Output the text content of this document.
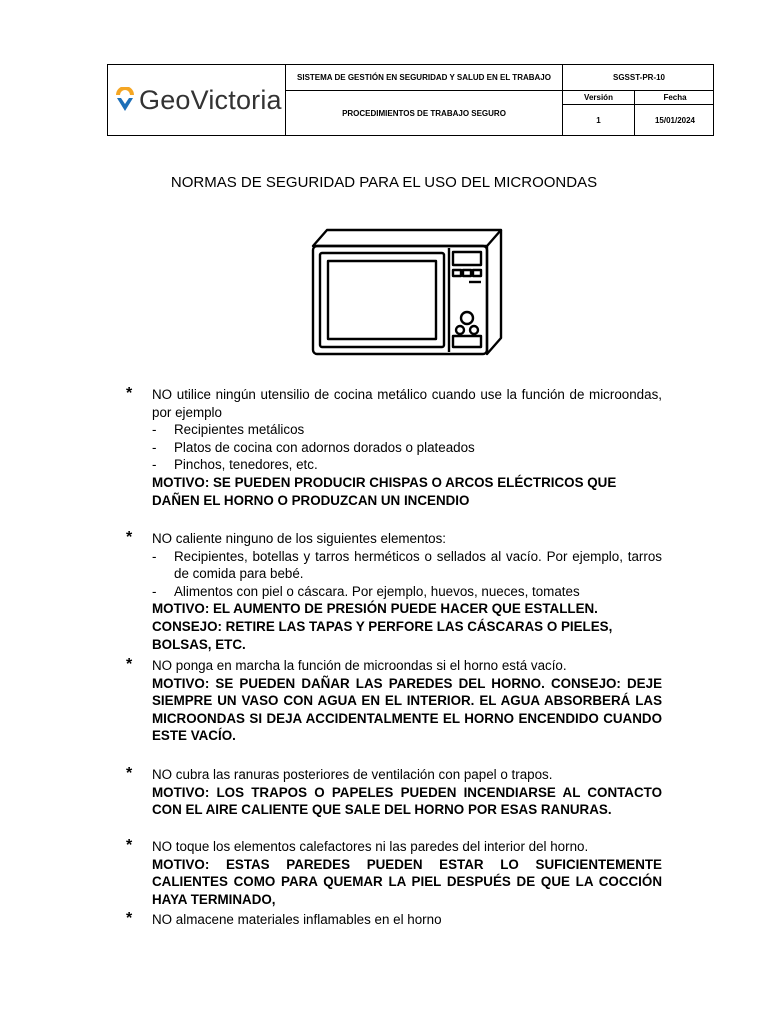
GeoVictoria
SISTEMA DE GESTIÓN EN SEGURIDAD Y SALUD EN EL TRABAJO	SGSST-PR-10
PROCEDIMIENTOS DE TRABAJO SEGURO
Versión	Fecha
1	15/01/2024
NORMAS DE SEGURIDAD PARA EL USO DEL MICROONDAS
* NO utilice ningún utensilio de cocina metálico cuando use la función de microondas, por ejemplo
- Recipientes metálicos
- Platos de cocina con adornos dorados o plateados
- Pinchos, tenedores, etc.
MOTIVO: SE PUEDEN PRODUCIR CHISPAS O ARCOS ELÉCTRICOS QUE DAÑEN EL HORNO O PRODUZCAN UN INCENDIO
* NO caliente ninguno de los siguientes elementos:
- Recipientes, botellas y tarros herméticos o sellados al vacío. Por ejemplo, tarros de comida para bebé.
- Alimentos con piel o cáscara. Por ejemplo, huevos, nueces, tomates
MOTIVO: EL AUMENTO DE PRESIÓN PUEDE HACER QUE ESTALLEN.
CONSEJO: RETIRE LAS TAPAS Y PERFORE LAS CÁSCARAS O PIELES, BOLSAS, ETC.
* NO ponga en marcha la función de microondas si el horno está vacío.
MOTIVO: SE PUEDEN DAÑAR LAS PAREDES DEL HORNO. CONSEJO: DEJE SIEMPRE UN VASO CON AGUA EN EL INTERIOR. EL AGUA ABSORBERÁ LAS MICROONDAS SI DEJA ACCIDENTALMENTE EL HORNO ENCENDIDO CUANDO ESTE VACÍO.
* NO cubra las ranuras posteriores de ventilación con papel o trapos.
MOTIVO: LOS TRAPOS O PAPELES PUEDEN INCENDIARSE AL CONTACTO CON EL AIRE CALIENTE QUE SALE DEL HORNO POR ESAS RANURAS.
* NO toque los elementos calefactores ni las paredes del interior del horno.
MOTIVO: ESTAS PAREDES PUEDEN ESTAR LO SUFICIENTEMENTE CALIENTES COMO PARA QUEMAR LA PIEL DESPUÉS DE QUE LA COCCIÓN HAYA TERMINADO,
* NO almacene materiales inflamables en el horno
